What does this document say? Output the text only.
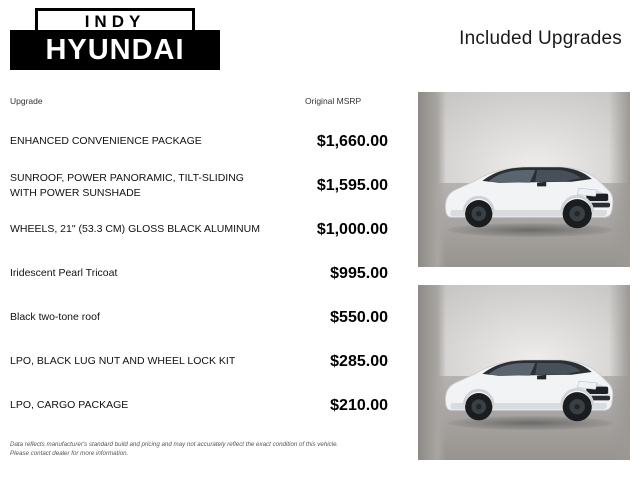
INDY
HYUNDAI	Included Upgrades
Upgrade	Original MSRP
ENHANCED CONVENIENCE PACKAGE	$1,660.00
SUNROOF, POWER PANORAMIC, TILT-SLIDING WITH POWER SUNSHADE	$1,595.00
WHEELS, 21" (53.3 CM) GLOSS BLACK ALUMINUM	$1,000.00
Iridescent Pearl Tricoat	$995.00
Black two-tone roof	$550.00
LPO, BLACK LUG NUT AND WHEEL LOCK KIT	$285.00
LPO, CARGO PACKAGE	$210.00
Data reflects manufacturer's standard build and pricing and may not accurately reflect the exact condition of this vehicle.
Please contact dealer for more information.
